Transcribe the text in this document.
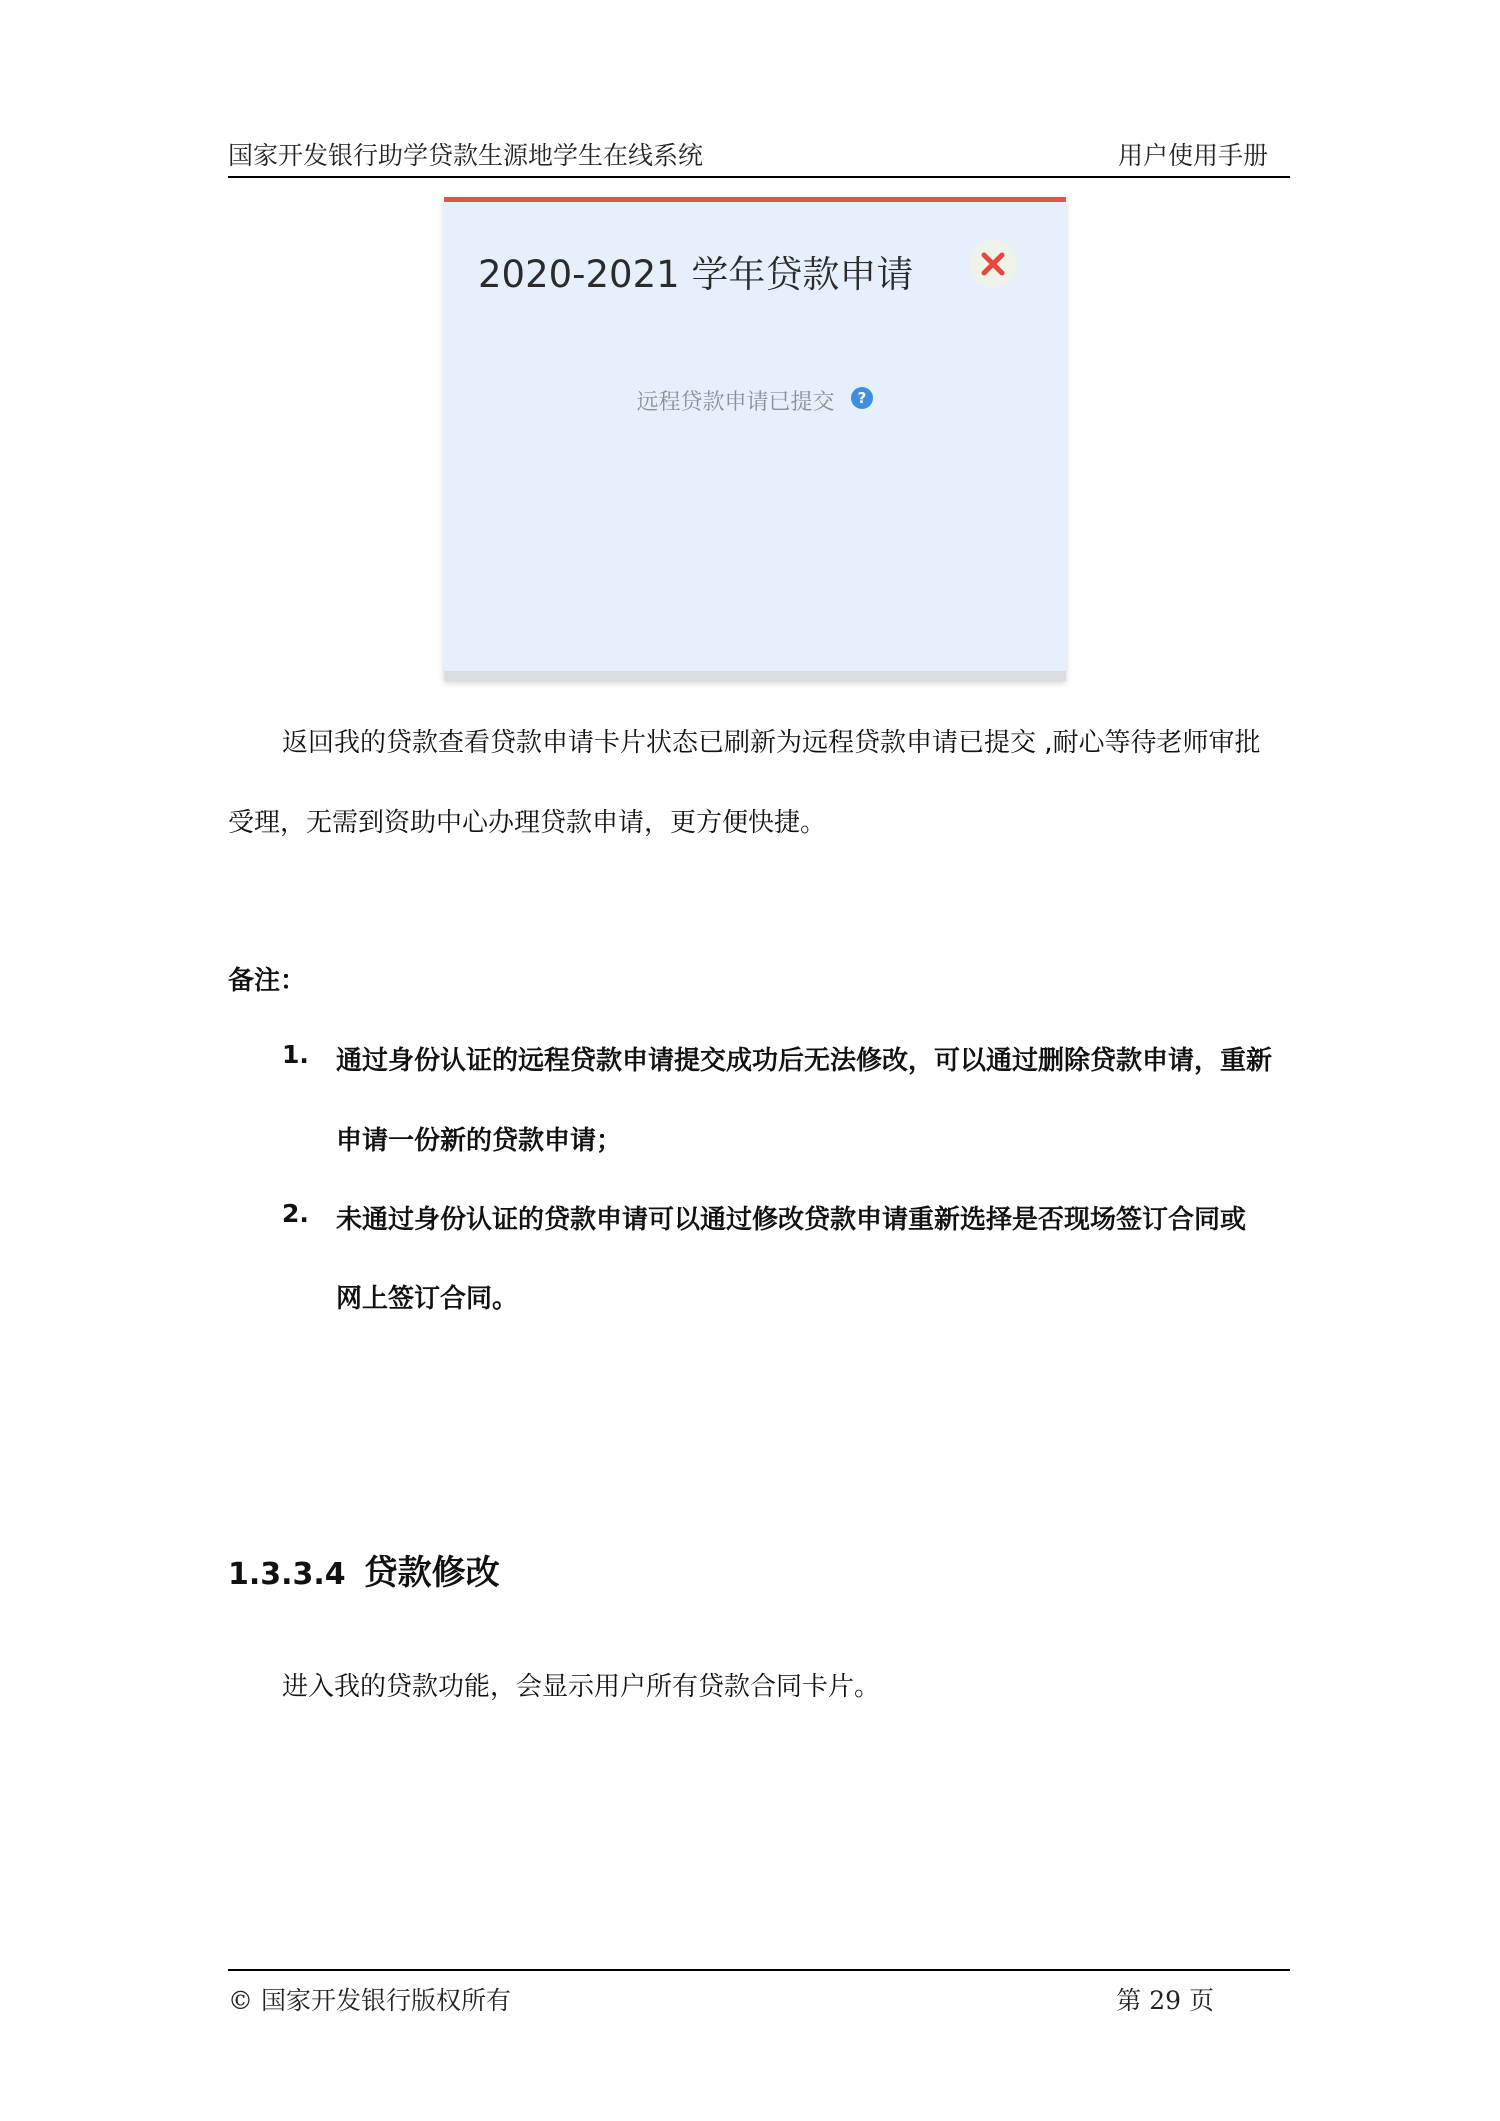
国家开发银行助学贷款生源地学生在线系统	用户使用手册
2020-2021 学年贷款申请
远程贷款申请已提交 ?
返回我的贷款查看贷款申请卡片状态已刷新为远程贷款申请已提交 ,耐心等待老师审批
受理，无需到资助中心办理贷款申请，更方便快捷。
备注：
1. 通过身份认证的远程贷款申请提交成功后无法修改，可以通过删除贷款申请，重新
申请一份新的贷款申请；
2. 未通过身份认证的贷款申请可以通过修改贷款申请重新选择是否现场签订合同或
网上签订合同。
1.3.3.4 贷款修改
进入我的贷款功能，会显示用户所有贷款合同卡片。
© 国家开发银行版权所有	第 29 页
